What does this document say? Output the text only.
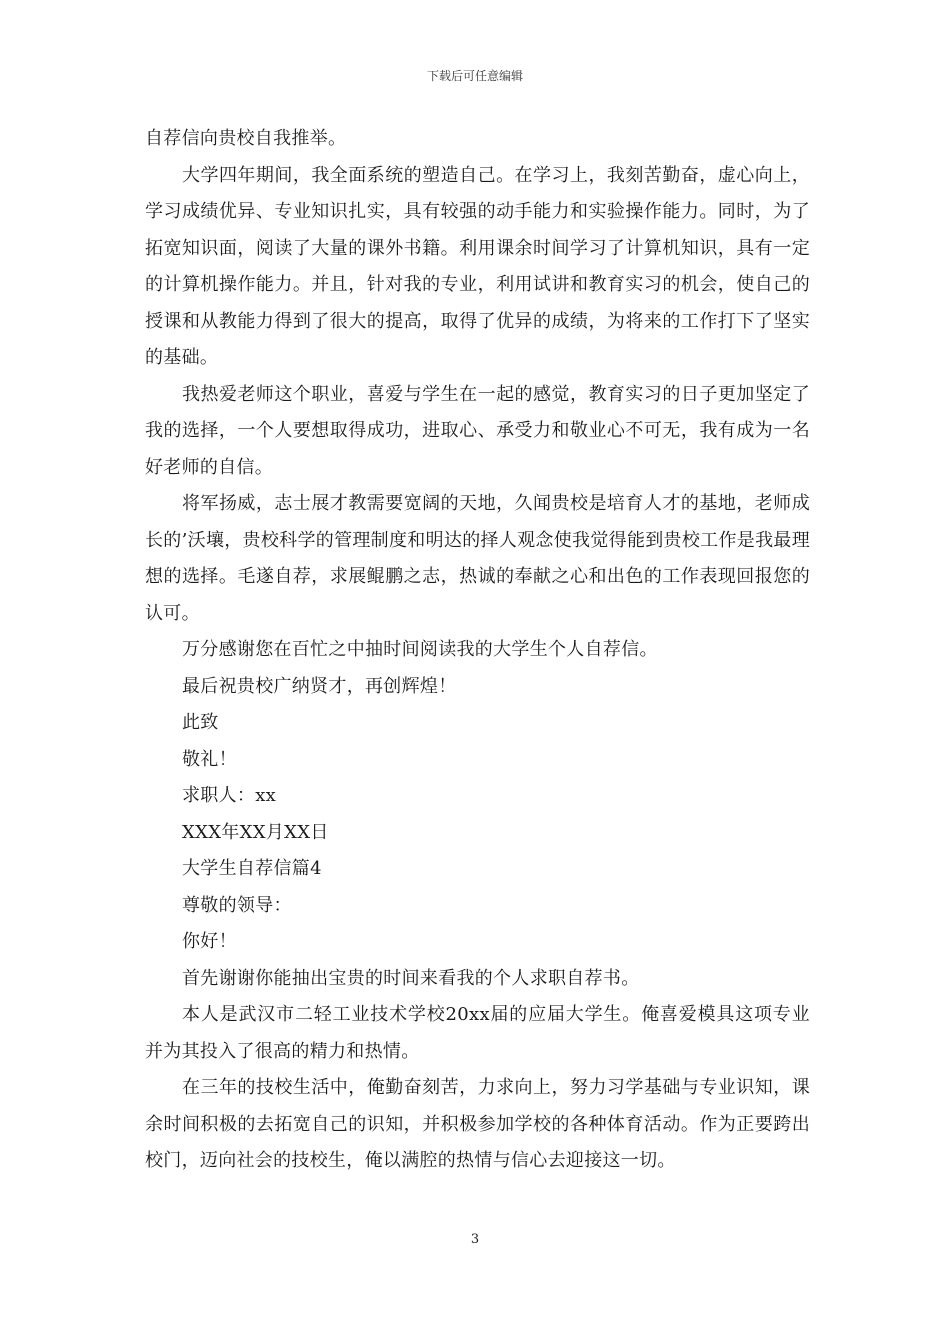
下载后可任意编辑

自荐信向贵校自我推举。

大学四年期间，我全面系统的塑造自己。在学习上，我刻苦勤奋，虚心向上，学习成绩优异、专业知识扎实，具有较强的动手能力和实验操作能力。同时，为了拓宽知识面，阅读了大量的课外书籍。利用课余时间学习了计算机知识，具有一定的计算机操作能力。并且，针对我的专业，利用试讲和教育实习的机会，使自己的授课和从教能力得到了很大的提高，取得了优异的成绩，为将来的工作打下了坚实的基础。

我热爱老师这个职业，喜爱与学生在一起的感觉，教育实习的日子更加坚定了我的选择，一个人要想取得成功，进取心、承受力和敬业心不可无，我有成为一名好老师的自信。

将军扬威，志士展才教需要宽阔的天地，久闻贵校是培育人才的基地，老师成长的’沃壤，贵校科学的管理制度和明达的择人观念使我觉得能到贵校工作是我最理想的选择。毛遂自荐，求展鲲鹏之志，热诚的奉献之心和出色的工作表现回报您的认可。

万分感谢您在百忙之中抽时间阅读我的大学生个人自荐信。

最后祝贵校广纳贤才，再创辉煌！

此致

敬礼！

求职人：xx

XXX年XX月XX日

大学生自荐信篇4

尊敬的领导：

你好！

首先谢谢你能抽出宝贵的时间来看我的个人求职自荐书。

本人是武汉市二轻工业技术学校20xx届的应届大学生。俺喜爱模具这项专业并为其投入了很高的精力和热情。

在三年的技校生活中，俺勤奋刻苦，力求向上，努力习学基础与专业识知，课余时间积极的去拓宽自己的识知，并积极参加学校的各种体育活动。作为正要跨出校门，迈向社会的技校生，俺以满腔的热情与信心去迎接这一切。

3
